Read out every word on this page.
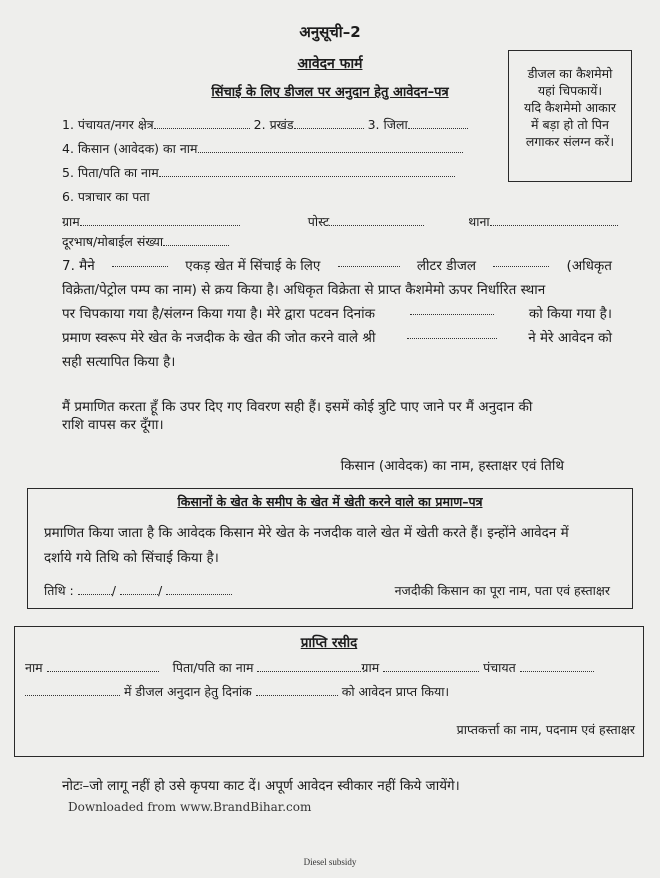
अनुसूची–2
आवेदन फार्म
सिंचाई के लिए डीजल पर अनुदान हेतु आवेदन–पत्र
डीजल का कैशमेमो
यहां चिपकायें।
यदि कैशमेमो आकार
में बड़ा हो तो पिन
लगाकर संलग्न करें।
1. पंचायत/नगर क्षेत्र	2. प्रखंड	3. जिला
4. किसान (आवेदक) का नाम
5. पिता/पति का नाम
6. पत्राचार का पता
ग्राम	पोस्ट	थाना
दूरभाष/मोबाईल संख्या
7. मैने	एकड़ खेत में सिंचाई के लिए	लीटर डीजल	(अधिकृत
विक्रेता/पेट्रोल पम्प का नाम) से क्रय किया है। अधिकृत विक्रेता से प्राप्त कैशमेमो ऊपर निर्धारित स्थान
पर चिपकाया गया है/संलग्न किया गया है। मेरे द्वारा पटवन दिनांक	को किया गया है।
प्रमाण स्वरूप मेरे खेत के नजदीक के खेत की जोत करने वाले श्री	ने मेरे आवेदन को
सही सत्यापित किया है।
मैं प्रमाणित करता हूँ कि उपर दिए गए विवरण सही हैं। इसमें कोई त्रुटि पाए जाने पर मैं अनुदान की
राशि वापस कर दूँगा।
किसान (आवेदक) का नाम, हस्ताक्षर एवं तिथि
किसानों के खेत के समीप के खेत में खेती करने वाले का प्रमाण–पत्र
प्रमाणित किया जाता है कि आवेदक किसान मेरे खेत के नजदीक वाले खेत में खेती करते हैं। इन्होंने आवेदन में
दर्शाये गये तिथि को सिंचाई किया है।
तिथि :	/	/	नजदीकी किसान का पूरा नाम, पता एवं हस्ताक्षर
प्राप्ति रसीद
नाम	पिता/पति का नाम	ग्राम	पंचायत
में डीजल अनुदान हेतु दिनांक	को आवेदन प्राप्त किया।
प्राप्तकर्त्ता का नाम, पदनाम एवं हस्ताक्षर
नोटः–जो लागू नहीं हो उसे कृपया काट दें। अपूर्ण आवेदन स्वीकार नहीं किये जायेंगे।
Downloaded from www.BrandBihar.com
Diesel subsidy
